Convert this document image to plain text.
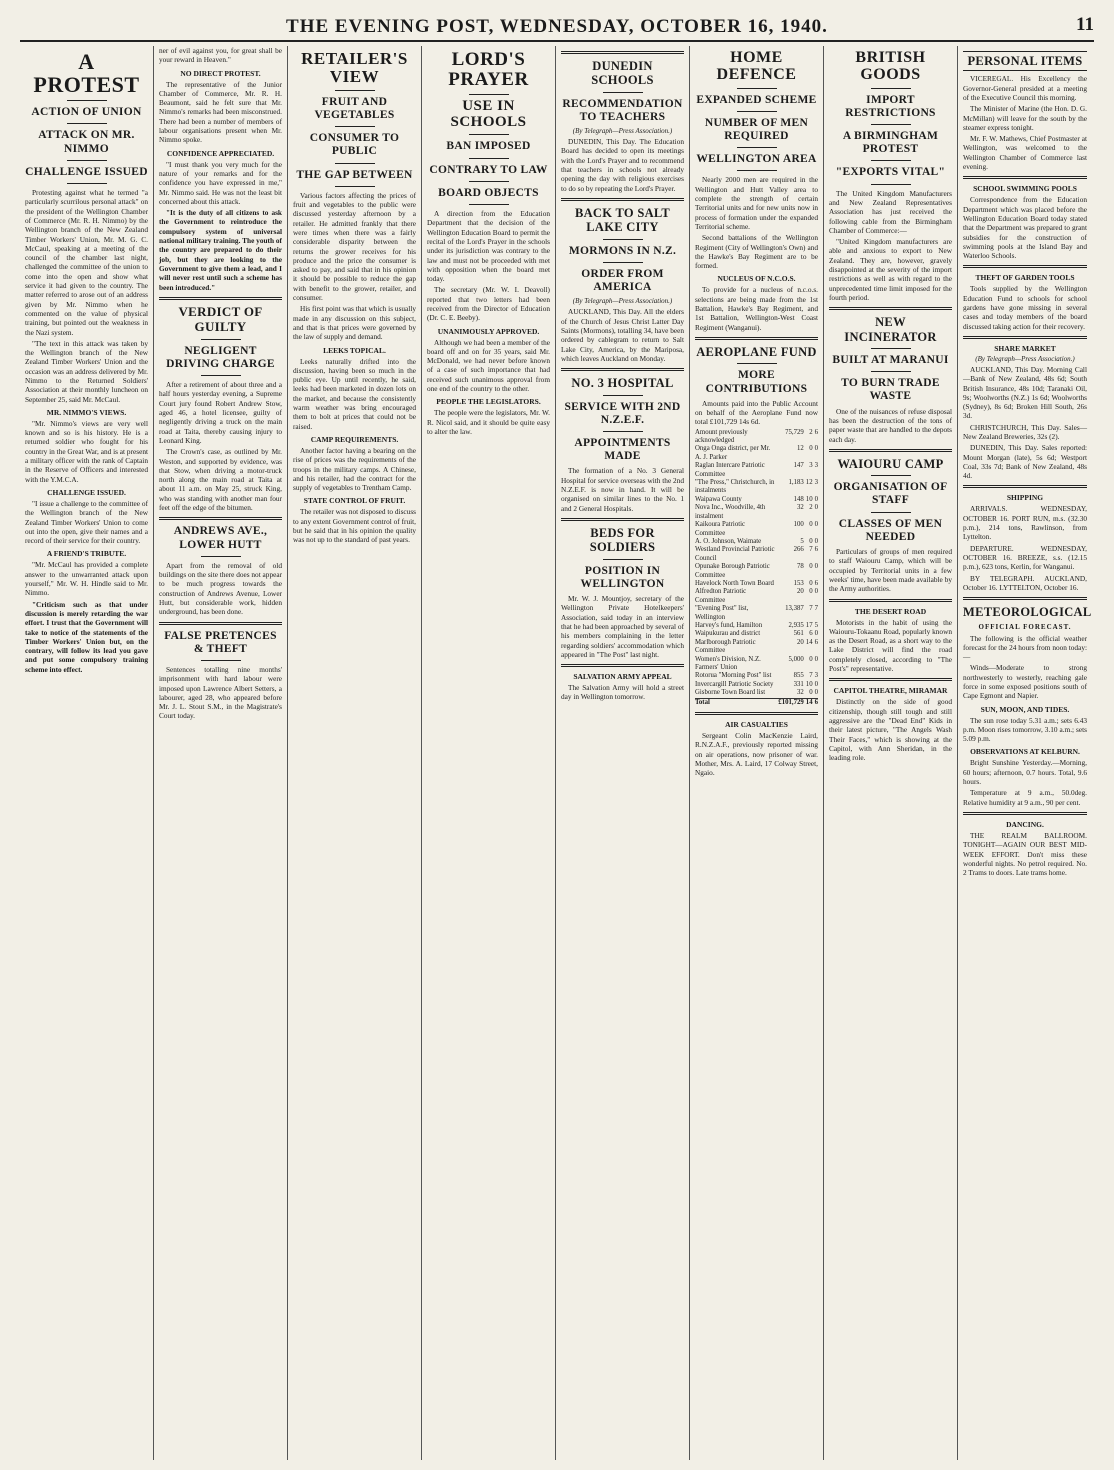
THE EVENING POST, WEDNESDAY, OCTOBER 16, 1940.	11
A PROTEST
ACTION OF UNION
ATTACK ON MR. NIMMO
CHALLENGE ISSUED

Protesting against what he termed "a particularly scurrilous personal attack" on the president of the Wellington Chamber of Commerce (Mr. R. H. Nimmo) by the Wellington branch of the New Zealand Timber Workers' Union, Mr. M. G. C. McCaul, speaking at a meeting of the council of the chamber last night, challenged the committee of the union to come into the open and show what service it had given to the country. The matter referred to arose out of an address given by Mr. Nimmo when he commented on the value of physical training, but pointed out the weakness in the Nazi system.

"The text in this attack was taken by the Wellington branch of the New Zealand Timber Workers' Union and the occasion was an address delivered by Mr. Nimmo to the Returned Soldiers' Association at their monthly luncheon on September 25, said Mr. McCaul.

MR. NIMMO'S VIEWS.

"Mr. Nimmo's views are very well known and so is his history. He is a returned soldier who fought for his country in the Great War, and is at present a military officer with the rank of Captain in the Reserve of Officers and interested with the Y.M.C.A.

CHALLENGE ISSUED.

"I issue a challenge to the committee of the Wellington branch of the New Zealand Timber Workers' Union to come out into the open, give their names and a record of their service for their country.

A FRIEND'S TRIBUTE.

"Mr. McCaul has provided a complete answer to the unwarranted attack upon yourself," Mr. W. H. Hindle said to Mr. Nimmo.

"Criticism such as that under discussion is merely retarding the war effort. I trust that the Government will take to notice of the statements of the Timber Workers' Union but, on the contrary, will follow its lead you gave and put some compulsory training scheme into effect.

ner of evil against you, for great shall be your reward in Heaven."

NO DIRECT PROTEST.

The representative of the Junior Chamber of Commerce, Mr. R. H. Beaumont, said he felt sure that Mr. Nimmo's remarks had been misconstrued. There had been a number of members of labour organisations present when Mr. Nimmo spoke.

CONFIDENCE APPRECIATED.

"I must thank you very much for the nature of your remarks and for the confidence you have expressed in me," Mr. Nimmo said. He was not the least bit concerned about this attack.

"It is the duty of all citizens to ask the Government to reintroduce the compulsory system of universal national military training. The youth of the country are prepared to do their job, but they are looking to the Government to give them a lead, and I will never rest until such a scheme has been introduced."

VERDICT OF GUILTY
NEGLIGENT DRIVING CHARGE

After a retirement of about three and a half hours yesterday evening, a Supreme Court jury found Robert Andrew Stow, aged 46, a hotel licensee, guilty of negligently driving a truck on the main road at Taita, thereby causing injury to Leonard King.

The Crown's case, as outlined by Mr. Weston, and supported by evidence, was that Stow, when driving a motor-truck north along the main road at Taita at about 11 a.m. on May 25, struck King, who was standing with another man four feet off the edge of the bitumen.

ANDREWS AVE., LOWER HUTT

Apart from the removal of old buildings on the site there does not appear to be much progress towards the construction of Andrews Avenue, Lower Hutt, but considerable work, hidden underground, has been done.

FALSE PRETENCES & THEFT

Sentences totalling nine months' imprisonment with hard labour were imposed upon Lawrence Albert Setters, a labourer, aged 28, who appeared before Mr. J. L. Stout S.M., in the Magistrate's Court today.

RETAILER'S VIEW
FRUIT AND VEGETABLES
CONSUMER TO PUBLIC
THE GAP BETWEEN

Various factors affecting the prices of fruit and vegetables to the public were discussed yesterday afternoon by a retailer. He admitted frankly that there were times when there was a fairly considerable disparity between the returns the grower receives for his produce and the price the consumer is asked to pay, and said that in his opinion it should be possible to reduce the gap with benefit to the grower, retailer, and consumer.

His first point was that which is usually made in any discussion on this subject, and that is that prices were governed by the law of supply and demand.

LEEKS TOPICAL.

Leeks naturally drifted into the discussion, having been so much in the public eye. Up until recently, he said, leeks had been marketed in dozen lots on the market, and because the consistently warm weather was bring encouraged them to bolt at prices that could not be raised.

CAMP REQUIREMENTS.

Another factor having a bearing on the rise of prices was the requirements of the troops in the military camps. A Chinese, and his retailer, had the contract for the supply of vegetables to Trentham Camp.

STATE CONTROL OF FRUIT.

The retailer was not disposed to discuss to any extent Government control of fruit, but he said that in his opinion the quality was not up to the standard of past years.

LORD'S PRAYER
USE IN SCHOOLS
BAN IMPOSED
CONTRARY TO LAW
BOARD OBJECTS

A direction from the Education Department that the decision of the Wellington Education Board to permit the recital of the Lord's Prayer in the schools under its jurisdiction was contrary to the law and must not be proceeded with met with opposition when the board met today.

The secretary (Mr. W. I. Deavoll) reported that two letters had been received from the Director of Education (Dr. C. E. Beeby).

UNANIMOUSLY APPROVED.

Although we had been a member of the board off and on for 35 years, said Mr. McDonald, we had never before known of a case of such importance that had received such unanimous approval from one end of the country to the other.

PEOPLE THE LEGISLATORS.

The people were the legislators, Mr. W. R. Nicol said, and it should be quite easy to alter the law.

DUNEDIN SCHOOLS
RECOMMENDATION TO TEACHERS
(By Telegraph—Press Association.)

DUNEDIN, This Day. The Education Board has decided to open its meetings with the Lord's Prayer and to recommend that teachers in schools not already opening the day with religious exercises to do so by repeating the Lord's Prayer.

BACK TO SALT LAKE CITY
MORMONS IN N.Z.
ORDER FROM AMERICA
(By Telegraph—Press Association.)

AUCKLAND, This Day. All the elders of the Church of Jesus Christ Latter Day Saints (Mormons), totalling 34, have been ordered by cablegram to return to Salt Lake City, America, by the Mariposa, which leaves Auckland on Monday.

NO. 3 HOSPITAL
SERVICE WITH 2ND N.Z.E.F.
APPOINTMENTS MADE

The formation of a No. 3 General Hospital for service overseas with the 2nd N.Z.E.F. is now in hand. It will be organised on similar lines to the No. 1 and 2 General Hospitals.

BEDS FOR SOLDIERS
POSITION IN WELLINGTON

Mr. W. J. Mountjoy, secretary of the Wellington Private Hotelkeepers' Association, said today in an interview that he had been approached by several of his members complaining in the letter regarding soldiers' accommodation which appeared in "The Post" last night.

SALVATION ARMY APPEAL

The Salvation Army will hold a street day in Wellington tomorrow.

HOME DEFENCE
EXPANDED SCHEME
NUMBER OF MEN REQUIRED
WELLINGTON AREA

Nearly 2000 men are required in the Wellington and Hutt Valley area to complete the strength of certain Territorial units and for new units now in process of formation under the expanded Territorial scheme.

Second battalions of the Wellington Regiment (City of Wellington's Own) and the Hawke's Bay Regiment are to be formed.

NUCLEUS OF N.C.O.S.

To provide for a nucleus of n.c.o.s. selections are being made from the 1st Battalion, Hawke's Bay Regiment, and 1st Battalion, Wellington-West Coast Regiment (Wanganui).

AEROPLANE FUND
MORE CONTRIBUTIONS

Amounts paid into the Public Account on behalf of the Aeroplane Fund now total £101,729 14s 6d.

Amount previously acknowledged	75,729	2	6
Onga Onga district, per Mr. A. J. Parker	12	0	0
Raglan Intercare Patriotic Committee	147	3	3
"The Press," Christchurch, in instalments	1,183	12	3
Waipawa County	148	10	0
Nova Inc., Woodville, 4th instalment	32	2	0
Kaikoura Patriotic Committee	100	0	0
A. O. Johnson, Waimate	5	0	0
Westland Provincial Patriotic Council	266	7	6
Opunake Borough Patriotic Committee	78	0	0
Havelock North Town Board	153	0	6
Alfredton Patriotic Committee	20	0	0
"Evening Post" list, Wellington	13,387	7	7
Harvey's fund, Hamilton	2,935	17	5
Waipukurau and district	561	6	0
Marlborough Patriotic Committee	20	14	6
Women's Division, N.Z. Farmers' Union	5,000	0	0
Rotorua "Morning Post" list	855	7	3
Invercargill Patriotic Society	331	10	0
Gisborne Town Board list	32	0	0
Total	£101,729	14	6
AIR CASUALTIES

Sergeant Colin MacKenzie Laird, R.N.Z.A.F., previously reported missing on air operations, now prisoner of war. Mother, Mrs. A. Laird, 17 Colway Street, Ngaio.

BRITISH GOODS
IMPORT RESTRICTIONS
A BIRMINGHAM PROTEST
"EXPORTS VITAL"

The United Kingdom Manufacturers and New Zealand Representatives Association has just received the following cable from the Birmingham Chamber of Commerce:—

"United Kingdom manufacturers are able and anxious to export to New Zealand. They are, however, gravely disappointed at the severity of the import restrictions as well as with regard to the unprecedented time limit imposed for the fourth period.

NEW INCINERATOR
BUILT AT MARANUI
TO BURN TRADE WASTE

One of the nuisances of refuse disposal has been the destruction of the tons of paper waste that are handled to the depots each day.

WAIOURU CAMP
ORGANISATION OF STAFF
CLASSES OF MEN NEEDED

Particulars of groups of men required to staff Waiouru Camp, which will be occupied by Territorial units in a few weeks' time, have been made available by the Army authorities.

THE DESERT ROAD

Motorists in the habit of using the Waiouru-Tokaanu Road, popularly known as the Desert Road, as a short way to the Lake District will find the road completely closed, according to "The Post's" representative.

CAPITOL THEATRE, MIRAMAR

Distinctly on the side of good citizenship, though still tough and still aggressive are the "Dead End" Kids in their latest picture, "The Angels Wash Their Faces," which is showing at the Capitol, with Ann Sheridan, in the leading role.

PERSONAL ITEMS

VICEREGAL. His Excellency the Governor-General presided at a meeting of the Executive Council this morning.

The Minister of Marine (the Hon. D. G. McMillan) will leave for the south by the steamer express tonight.

Mr. F. W. Mathews, Chief Postmaster at Wellington, was welcomed to the Wellington Chamber of Commerce last evening.

SCHOOL SWIMMING POOLS

Correspondence from the Education Department which was placed before the Wellington Education Board today stated that the Department was prepared to grant subsidies for the construction of swimming pools at the Island Bay and Waterloo Schools.

THEFT OF GARDEN TOOLS

Tools supplied by the Wellington Education Fund to schools for school gardens have gone missing in several cases and today members of the board discussed taking action for their recovery.

SHARE MARKET
(By Telegraph—Press Association.)

AUCKLAND, This Day. Morning Call—Bank of New Zealand, 48s 6d; South British Insurance, 48s 10d; Taranaki Oil, 9s; Woolworths (N.Z.) 1s 6d; Woolworths (Sydney), 8s 6d; Broken Hill South, 26s 3d.

CHRISTCHURCH, This Day. Sales—New Zealand Breweries, 32s (2).

DUNEDIN, This Day. Sales reported: Mount Morgan (late), 5s 6d; Westport Coal, 33s 7d; Bank of New Zealand, 48s 4d.

SHIPPING

ARRIVALS. WEDNESDAY, OCTOBER 16. PORT RUN, m.s. (32.30 p.m.), 214 tons, Rawlinson, from Lyttelton.

DEPARTURE. WEDNESDAY, OCTOBER 16. BREEZE, s.s. (12.15 p.m.), 623 tons, Kerlin, for Wanganui.

BY TELEGRAPH. AUCKLAND, October 16. LYTTELTON, October 16.

METEOROLOGICAL
OFFICIAL FORECAST.

The following is the official weather forecast for the 24 hours from noon today:—

Winds—Moderate to strong northwesterly to westerly, reaching gale force in some exposed positions south of Cape Egmont and Napier.

SUN, MOON, AND TIDES.

The sun rose today 5.31 a.m.; sets 6.43 p.m. Moon rises tomorrow, 3.10 a.m.; sets 5.09 p.m.

OBSERVATIONS AT KELBURN.

Bright Sunshine Yesterday.—Morning, 60 hours; afternoon, 0.7 hours. Total, 9.6 hours.

Temperature at 9 a.m., 50.0deg. Relative humidity at 9 a.m., 90 per cent.

DANCING.

THE REALM BALLROOM. TONIGHT—AGAIN OUR BEST MID-WEEK EFFORT. Don't miss these wonderful nights. No petrol required. No. 2 Trams to doors. Late trams home.
